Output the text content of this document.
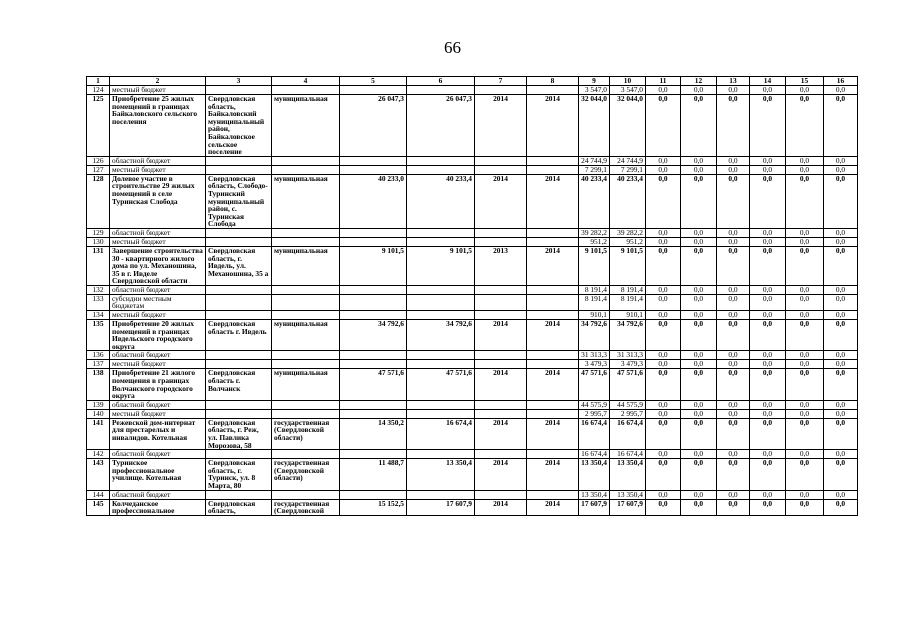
66
1	2	3	4	5	6	7	8	9	10	11	12	13	14	15	16
124	местный бюджет							3 547,0	3 547,0	0,0	0,0	0,0	0,0	0,0	0,0
125	Приобретение 25 жилых помещений в границах Байкаловского сельского поселения	Свердловская область, Байкаловский муниципальный район, Байкаловское сельское поселение	муниципальная	26 047,3	26 047,3	2014	2014	32 044,0	32 044,0	0,0	0,0	0,0	0,0	0,0	0,0
126	областной бюджет							24 744,9	24 744,9	0,0	0,0	0,0	0,0	0,0	0,0
127	местный бюджет							7 299,1	7 299,1	0,0	0,0	0,0	0,0	0,0	0,0
128	Долевое участие в строительстве 29 жилых помещений в селе Туринская Слобода	Свердловская область, Слободо-Туринский муниципальный район, с. Туринская Слобода	муниципальная	40 233,0	40 233,4	2014	2014	40 233,4	40 233,4	0,0	0,0	0,0	0,0	0,0	0,0
129	областной бюджет							39 282,2	39 282,2	0,0	0,0	0,0	0,0	0,0	0,0
130	местный бюджет							951,2	951,2	0,0	0,0	0,0	0,0	0,0	0,0
131	Завершение строительства 30 - квартирного жилого дома по ул. Механошина, 35 в г. Ивделе Свердловской области	Свердловская область, г. Ивдель, ул. Механошина, 35 а	муниципальная	9 101,5	9 101,5	2013	2014	9 101,5	9 101,5	0,0	0,0	0,0	0,0	0,0	0,0
132	областной бюджет							8 191,4	8 191,4	0,0	0,0	0,0	0,0	0,0	0,0
133	субсидии местным бюджетам							8 191,4	8 191,4	0,0	0,0	0,0	0,0	0,0	0,0
134	местный бюджет							910,1	910,1	0,0	0,0	0,0	0,0	0,0	0,0
135	Приобретение 20 жилых помещений в границах Ивдельского городского округа	Свердловская область г. Ивдель	муниципальная	34 792,6	34 792,6	2014	2014	34 792,6	34 792,6	0,0	0,0	0,0	0,0	0,0	0,0
136	областной бюджет							31 313,3	31 313,3	0,0	0,0	0,0	0,0	0,0	0,0
137	местный бюджет							3 479,3	3 479,3	0,0	0,0	0,0	0,0	0,0	0,0
138	Приобретение 21 жилого помещения в границах Волчанского городского округа	Свердловская область г. Волчанск	муниципальная	47 571,6	47 571,6	2014	2014	47 571,6	47 571,6	0,0	0,0	0,0	0,0	0,0	0,0
139	областной бюджет							44 575,9	44 575,9	0,0	0,0	0,0	0,0	0,0	0,0
140	местный бюджет							2 995,7	2 995,7	0,0	0,0	0,0	0,0	0,0	0,0
141	Режевской дом-интернат для престарелых и инвалидов. Котельная	Свердловская область, г. Реж, ул. Павлика Морозова, 58	государственная (Свердловской области)	14 350,2	16 674,4	2014	2014	16 674,4	16 674,4	0,0	0,0	0,0	0,0	0,0	0,0
142	областной бюджет							16 674,4	16 674,4	0,0	0,0	0,0	0,0	0,0	0,0
143	Туринское профессиональное училище. Котельная	Свердловская область, г. Туринск, ул. 8 Марта, 80	государственная (Свердловской области)	11 488,7	13 350,4	2014	2014	13 350,4	13 350,4	0,0	0,0	0,0	0,0	0,0	0,0
144	областной бюджет							13 350,4	13 350,4	0,0	0,0	0,0	0,0	0,0	0,0
145	Колчеданское профессиональное	Свердловская область,	государственная (Свердловской	15 152,5	17 607,9	2014	2014	17 607,9	17 607,9	0,0	0,0	0,0	0,0	0,0	0,0
